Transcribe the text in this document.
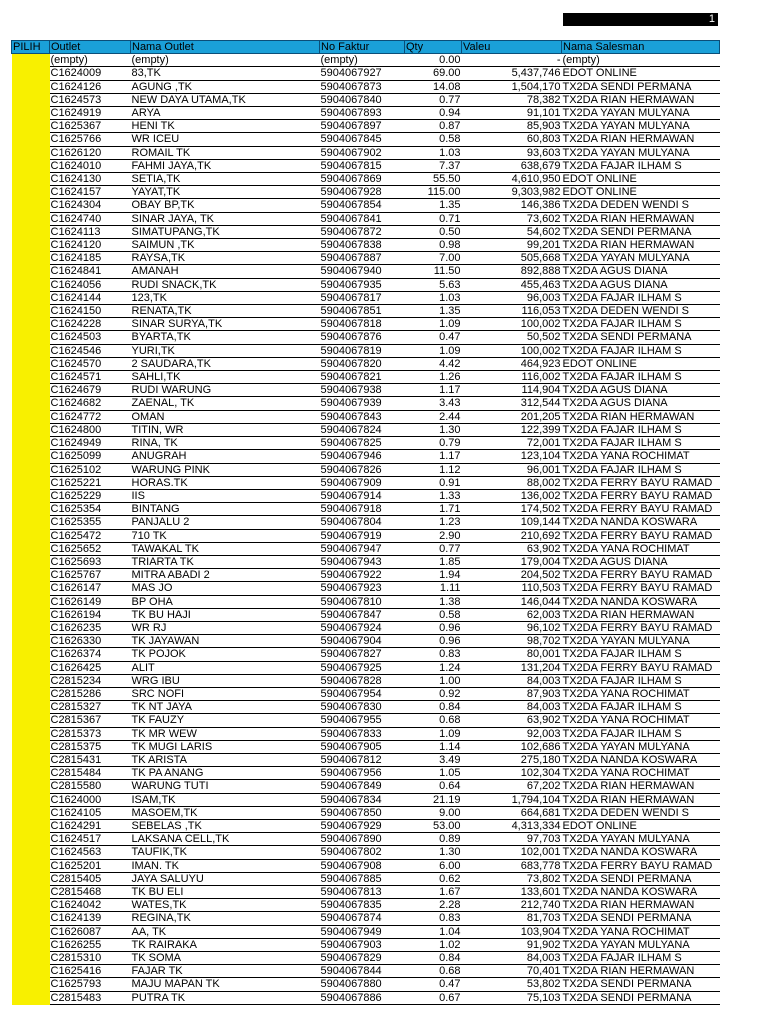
1
PILIH	Outlet	Nama Outlet	No Faktur	Qty	Valeu	Nama Salesman
	(empty)	(empty)	(empty)	0.00	-	(empty)
	C1624009	83,TK	5904067927	69.00	5,437,746	EDOT ONLINE
	C1624126	AGUNG ,TK	5904067873	14.08	1,504,170	TX2DA SENDI PERMANA
	C1624573	NEW DAYA UTAMA,TK	5904067840	0.77	78,382	TX2DA RIAN HERMAWAN
	C1624919	ARYA	5904067893	0.94	91,101	TX2DA YAYAN MULYANA
	C1625367	HENI TK	5904067897	0.87	85,903	TX2DA YAYAN MULYANA
	C1625766	WR ICEU	5904067845	0.58	60,803	TX2DA RIAN HERMAWAN
	C1626120	ROMAIL TK	5904067902	1.03	93,603	TX2DA YAYAN MULYANA
	C1624010	FAHMI JAYA,TK	5904067815	7.37	638,679	TX2DA FAJAR ILHAM S
	C1624130	SETIA,TK	5904067869	55.50	4,610,950	EDOT ONLINE
	C1624157	YAYAT,TK	5904067928	115.00	9,303,982	EDOT ONLINE
	C1624304	OBAY BP,TK	5904067854	1.35	146,386	TX2DA DEDEN WENDI S
	C1624740	SINAR JAYA, TK	5904067841	0.71	73,602	TX2DA RIAN HERMAWAN
	C1624113	SIMATUPANG,TK	5904067872	0.50	54,602	TX2DA SENDI PERMANA
	C1624120	SAIMUN ,TK	5904067838	0.98	99,201	TX2DA RIAN HERMAWAN
	C1624185	RAYSA,TK	5904067887	7.00	505,668	TX2DA YAYAN MULYANA
	C1624841	AMANAH	5904067940	11.50	892,888	TX2DA AGUS DIANA
	C1624056	RUDI SNACK,TK	5904067935	5.63	455,463	TX2DA AGUS DIANA
	C1624144	123,TK	5904067817	1.03	96,003	TX2DA FAJAR ILHAM S
	C1624150	RENATA,TK	5904067851	1.35	116,053	TX2DA DEDEN WENDI S
	C1624228	SINAR SURYA,TK	5904067818	1.09	100,002	TX2DA FAJAR ILHAM S
	C1624503	BYARTA,TK	5904067876	0.47	50,502	TX2DA SENDI PERMANA
	C1624546	YURI,TK	5904067819	1.09	100,002	TX2DA FAJAR ILHAM S
	C1624570	2 SAUDARA,TK	5904067820	4.42	464,923	EDOT ONLINE
	C1624571	SAHLI,TK	5904067821	1.26	116,002	TX2DA FAJAR ILHAM S
	C1624679	RUDI WARUNG	5904067938	1.17	114,904	TX2DA AGUS DIANA
	C1624682	ZAENAL, TK	5904067939	3.43	312,544	TX2DA AGUS DIANA
	C1624772	OMAN	5904067843	2.44	201,205	TX2DA RIAN HERMAWAN
	C1624800	TITIN, WR	5904067824	1.30	122,399	TX2DA FAJAR ILHAM S
	C1624949	RINA, TK	5904067825	0.79	72,001	TX2DA FAJAR ILHAM S
	C1625099	ANUGRAH	5904067946	1.17	123,104	TX2DA YANA ROCHIMAT
	C1625102	WARUNG PINK	5904067826	1.12	96,001	TX2DA FAJAR ILHAM S
	C1625221	HORAS.TK	5904067909	0.91	88,002	TX2DA FERRY BAYU RAMAD
	C1625229	IIS	5904067914	1.33	136,002	TX2DA FERRY BAYU RAMAD
	C1625354	BINTANG	5904067918	1.71	174,502	TX2DA FERRY BAYU RAMAD
	C1625355	PANJALU 2	5904067804	1.23	109,144	TX2DA NANDA KOSWARA
	C1625472	710 TK	5904067919	2.90	210,692	TX2DA FERRY BAYU RAMAD
	C1625652	TAWAKAL TK	5904067947	0.77	63,902	TX2DA YANA ROCHIMAT
	C1625693	TRIARTA TK	5904067943	1.85	179,004	TX2DA AGUS DIANA
	C1625767	MITRA ABADI 2	5904067922	1.94	204,502	TX2DA FERRY BAYU RAMAD
	C1626147	MAS JO	5904067923	1.11	110,503	TX2DA FERRY BAYU RAMAD
	C1626149	BP OHA	5904067810	1.38	146,044	TX2DA NANDA KOSWARA
	C1626194	TK BU HAJI	5904067847	0.58	62,003	TX2DA RIAN HERMAWAN
	C1626235	WR RJ	5904067924	0.96	96,102	TX2DA FERRY BAYU RAMAD
	C1626330	TK JAYAWAN	5904067904	0.96	98,702	TX2DA YAYAN MULYANA
	C1626374	TK POJOK	5904067827	0.83	80,001	TX2DA FAJAR ILHAM S
	C1626425	ALIT	5904067925	1.24	131,204	TX2DA FERRY BAYU RAMAD
	C2815234	WRG IBU	5904067828	1.00	84,003	TX2DA FAJAR ILHAM S
	C2815286	SRC NOFI	5904067954	0.92	87,903	TX2DA YANA ROCHIMAT
	C2815327	TK NT JAYA	5904067830	0.84	84,003	TX2DA FAJAR ILHAM S
	C2815367	TK FAUZY	5904067955	0.68	63,902	TX2DA YANA ROCHIMAT
	C2815373	TK MR WEW	5904067833	1.09	92,003	TX2DA FAJAR ILHAM S
	C2815375	TK MUGI LARIS	5904067905	1.14	102,686	TX2DA YAYAN MULYANA
	C2815431	TK ARISTA	5904067812	3.49	275,180	TX2DA NANDA KOSWARA
	C2815484	TK PA ANANG	5904067956	1.05	102,304	TX2DA YANA ROCHIMAT
	C2815580	WARUNG TUTI	5904067849	0.64	67,202	TX2DA RIAN HERMAWAN
	C1624000	ISAM,TK	5904067834	21.19	1,794,104	TX2DA RIAN HERMAWAN
	C1624105	MASOEM,TK	5904067850	9.00	664,681	TX2DA DEDEN WENDI S
	C1624291	SEBELAS ,TK	5904067929	53.00	4,313,334	EDOT ONLINE
	C1624517	LAKSANA CELL,TK	5904067890	0.89	97,703	TX2DA YAYAN MULYANA
	C1624563	TAUFIK,TK	5904067802	1.30	102,001	TX2DA NANDA KOSWARA
	C1625201	IMAN. TK	5904067908	6.00	683,778	TX2DA FERRY BAYU RAMAD
	C2815405	JAYA SALUYU	5904067885	0.62	73,802	TX2DA SENDI PERMANA
	C2815468	TK BU ELI	5904067813	1.67	133,601	TX2DA NANDA KOSWARA
	C1624042	WATES,TK	5904067835	2.28	212,740	TX2DA RIAN HERMAWAN
	C1624139	REGINA,TK	5904067874	0.83	81,703	TX2DA SENDI PERMANA
	C1626087	AA, TK	5904067949	1.04	103,904	TX2DA YANA ROCHIMAT
	C1626255	TK RAIRAKA	5904067903	1.02	91,902	TX2DA YAYAN MULYANA
	C2815310	TK SOMA	5904067829	0.84	84,003	TX2DA FAJAR ILHAM S
	C1625416	FAJAR TK	5904067844	0.68	70,401	TX2DA RIAN HERMAWAN
	C1625793	MAJU MAPAN TK	5904067880	0.47	53,802	TX2DA SENDI PERMANA
	C2815483	PUTRA TK	5904067886	0.67	75,103	TX2DA SENDI PERMANA
